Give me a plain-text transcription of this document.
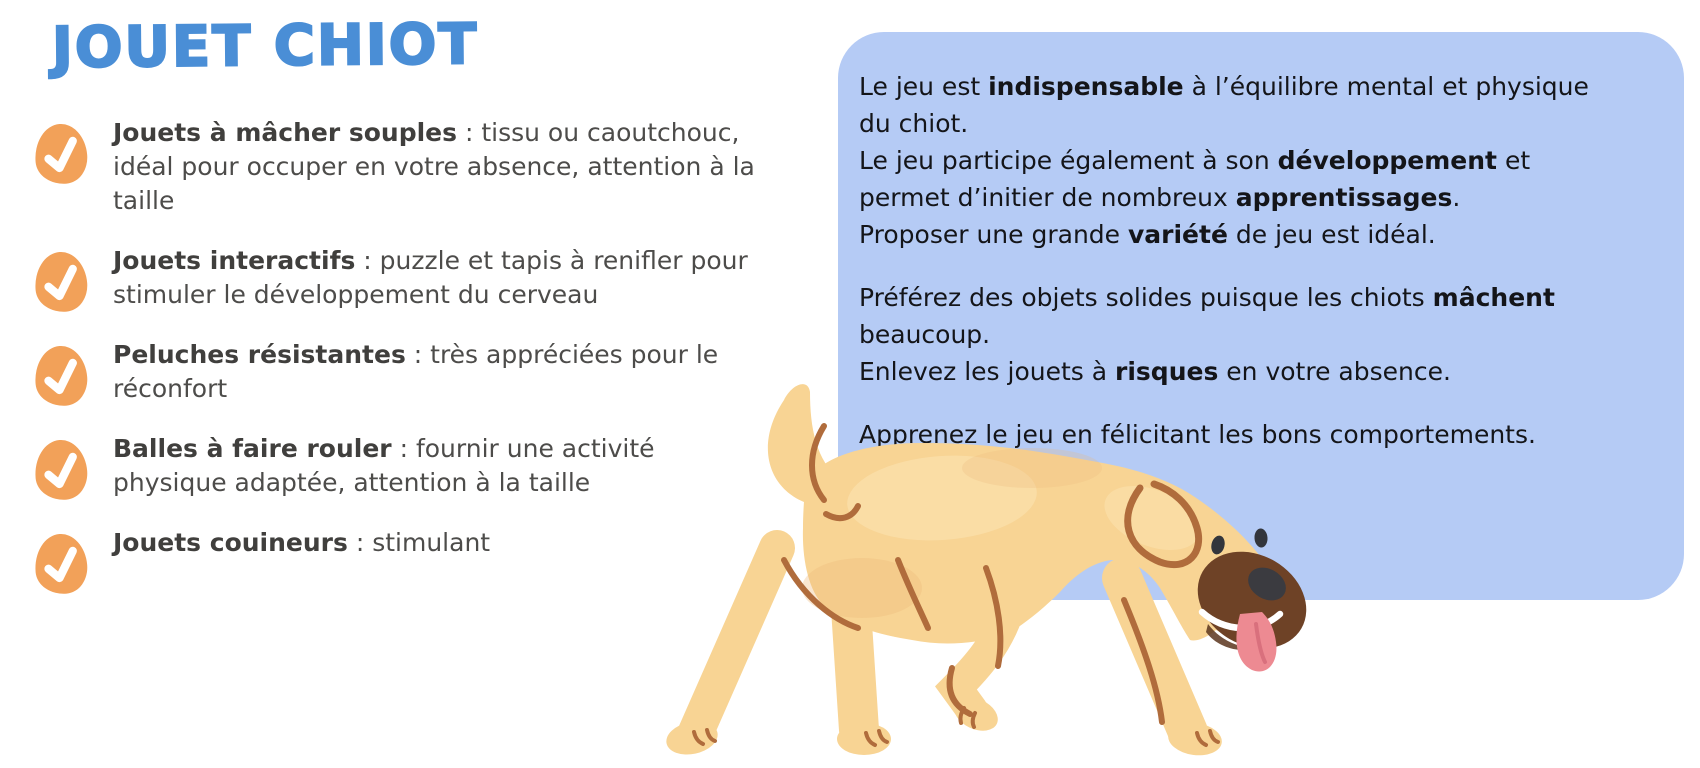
JOUET CHIOT
Jouets à mâcher souples : tissu ou caoutchouc,
idéal pour occuper en votre absence, attention à la
taille
Jouets interactifs : puzzle et tapis à renifler pour
stimuler le développement du cerveau
Peluches résistantes : très appréciées pour le
réconfort
Balles à faire rouler : fournir une activité
physique adaptée, attention à la taille
Jouets couineurs : stimulant
Le jeu est indispensable à l’équilibre mental et physique
du chiot.
Le jeu participe également à son développement et
permet d’initier de nombreux apprentissages.
Proposer une grande variété de jeu est idéal.
Préférez des objets solides puisque les chiots mâchent
beaucoup.
Enlevez les jouets à risques en votre absence.
Apprenez le jeu en félicitant les bons comportements.
